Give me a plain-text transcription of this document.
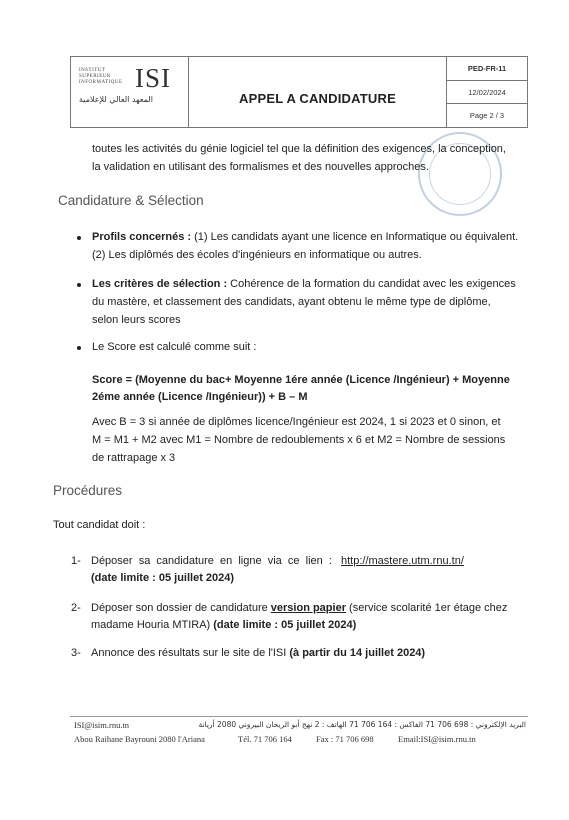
INSTITUT SUPERIEUR INFORMATIQUE ISI
المعهد العالي للإعلامية	APPEL A CANDIDATURE
PED-FR-11
12/02/2024
Page 2 / 3
toutes les activités du génie logiciel tel que la définition des exigences, la conception,
la validation en utilisant des formalismes et des nouvelles approches.
Candidature & Sélection
Profils concernés : (1) Les candidats ayant une licence en Informatique ou équivalent.
(2) Les diplômés des écoles d'ingénieurs en informatique ou autres.
Les critères de sélection : Cohérence de la formation du candidat avec les exigences
du mastère, et classement des candidats, ayant obtenu le même type de diplôme,
selon leurs scores
Le Score est calculé comme suit :
Score = (Moyenne du bac+ Moyenne 1ére année (Licence /Ingénieur) + Moyenne
2éme année (Licence /Ingénieur)) + B – M
Avec B = 3 si année de diplômes licence/Ingénieur est 2024, 1 si 2023 et 0 sinon, et
M = M1 + M2 avec M1 = Nombre de redoublements x 6 et M2 = Nombre de sessions
de rattrapage x 3
Procédures
Tout candidat doit :
1- Déposer  sa  candidature  en  ligne  via  ce  lien  : http://mastere.utm.rnu.tn/
(date limite : 05 juillet 2024)
2- Déposer son dossier de candidature version papier (service scolarité 1er étage chez
madame Houria MTIRA) (date limite : 05 juillet 2024)
3- Annonce des résultats sur le site de l'ISI (à partir du 14 juillet 2024)
ISI@isim.rnu.tn	البريد الإلكتروني : 698 706 71 الفاكس : 164 706 71 الهاتف : 2 نهج أبو الريحان البيروني 2080 أريانة
Abou Raihane Bayrouni 2080 l'Ariana	Tél. 71 706 164	Fax : 71 706 698	Email:ISI@isim.rnu.tn
